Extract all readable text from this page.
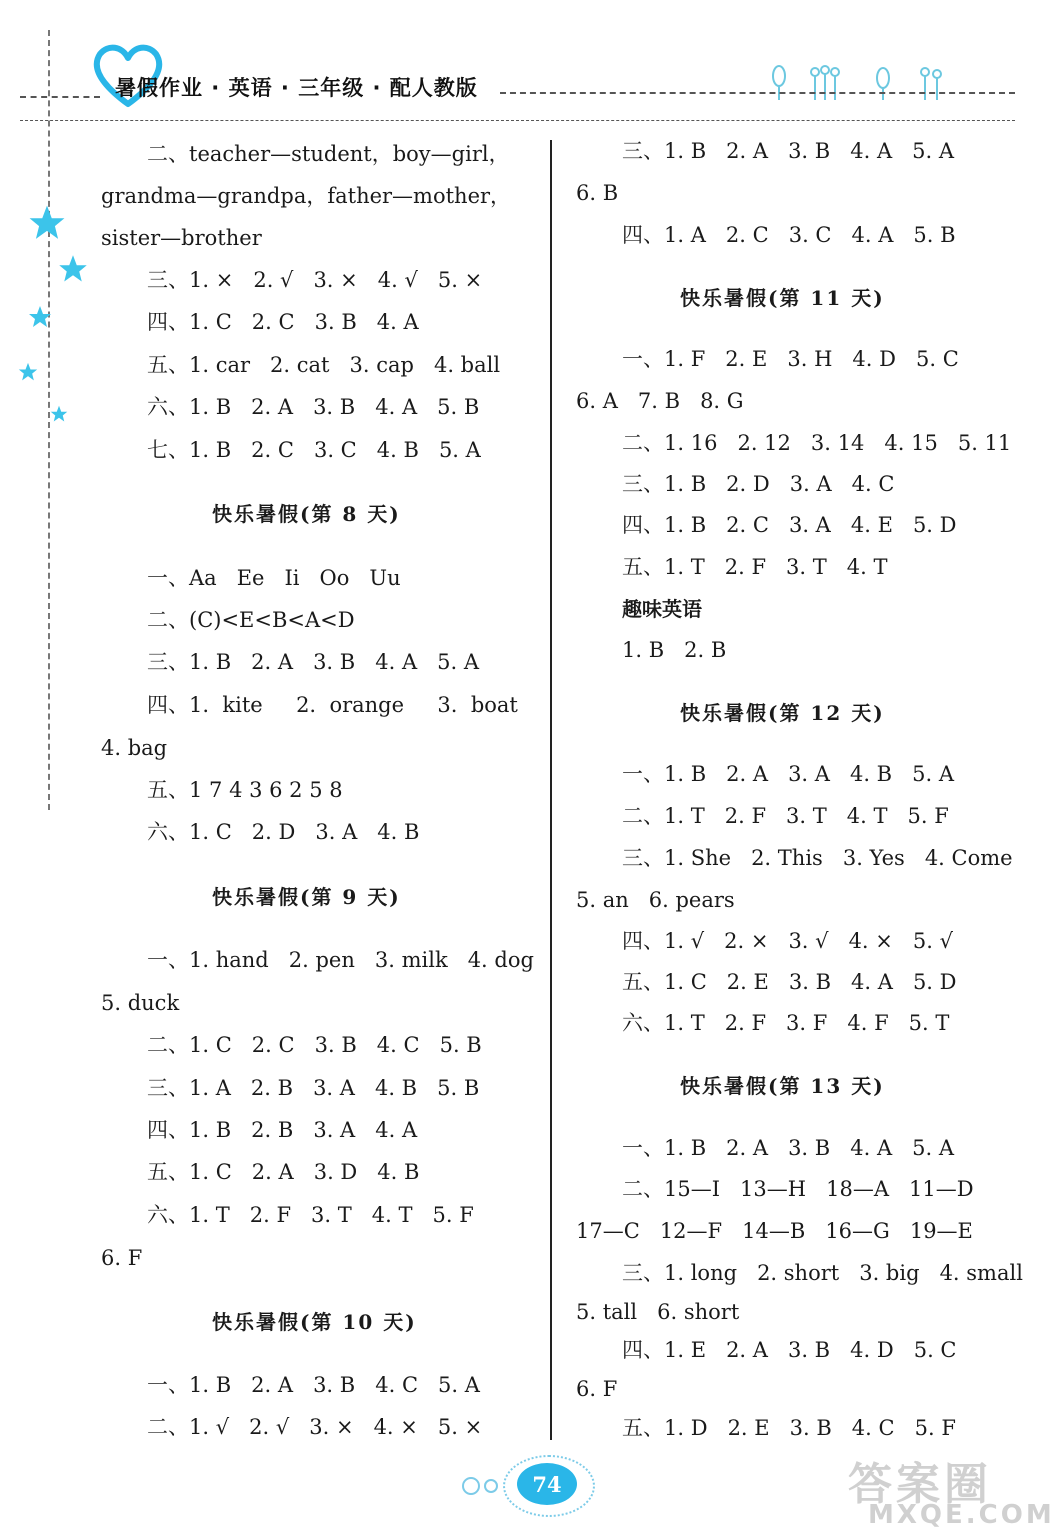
暑假作业 · 英语 · 三年级 · 配人教版
二、teacher—student，boy—girl，
grandma—grandpa，father—mother，
sister—brother
三、1. ×   2. √   3. ×   4. √   5. ×
四、1. C   2. C   3. B   4. A
五、1. car   2. cat   3. cap   4. ball
六、1. B   2. A   3. B   4. A   5. B
七、1. B   2. C   3. C   4. B   5. A
快乐暑假(第 8 天)
一、Aa   Ee   Ii   Oo   Uu
二、(C)<E<B<A<D
三、1. B   2. A   3. B   4. A   5. A
四、1.  kite     2.  orange     3.  boat
4. bag
五、1 7 4 3 6 2 5 8
六、1. C   2. D   3. A   4. B
快乐暑假(第 9 天)
一、1. hand   2. pen   3. milk   4. dog
5. duck
二、1. C   2. C   3. B   4. C   5. B
三、1. A   2. B   3. A   4. B   5. B
四、1. B   2. B   3. A   4. A
五、1. C   2. A   3. D   4. B
六、1. T   2. F   3. T   4. T   5. F
6. F
快乐暑假(第 10 天)
一、1. B   2. A   3. B   4. C   5. A
二、1. √   2. √   3. ×   4. ×   5. ×
三、1. B   2. A   3. B   4. A   5. A
6. B
四、1. A   2. C   3. C   4. A   5. B
快乐暑假(第 11 天)
一、1. F   2. E   3. H   4. D   5. C
6. A   7. B   8. G
二、1. 16   2. 12   3. 14   4. 15   5. 11
三、1. B   2. D   3. A   4. C
四、1. B   2. C   3. A   4. E   5. D
五、1. T   2. F   3. T   4. T
趣味英语
1. B   2. B
快乐暑假(第 12 天)
一、1. B   2. A   3. A   4. B   5. A
二、1. T   2. F   3. T   4. T   5. F
三、1. She   2. This   3. Yes   4. Come
5. an   6. pears
四、1. √   2. ×   3. √   4. ×   5. √
五、1. C   2. E   3. B   4. A   5. D
六、1. T   2. F   3. F   4. F   5. T
快乐暑假(第 13 天)
一、1. B   2. A   3. B   4. A   5. A
二、15—I   13—H   18—A   11—D
17—C   12—F   14—B   16—G   19—E
三、1. long   2. short   3. big   4. small
5. tall   6. short
四、1. E   2. A   3. B   4. D   5. C
6. F
五、1. D   2. E   3. B   4. C   5. F
74	答案圈
MXQE.COM
